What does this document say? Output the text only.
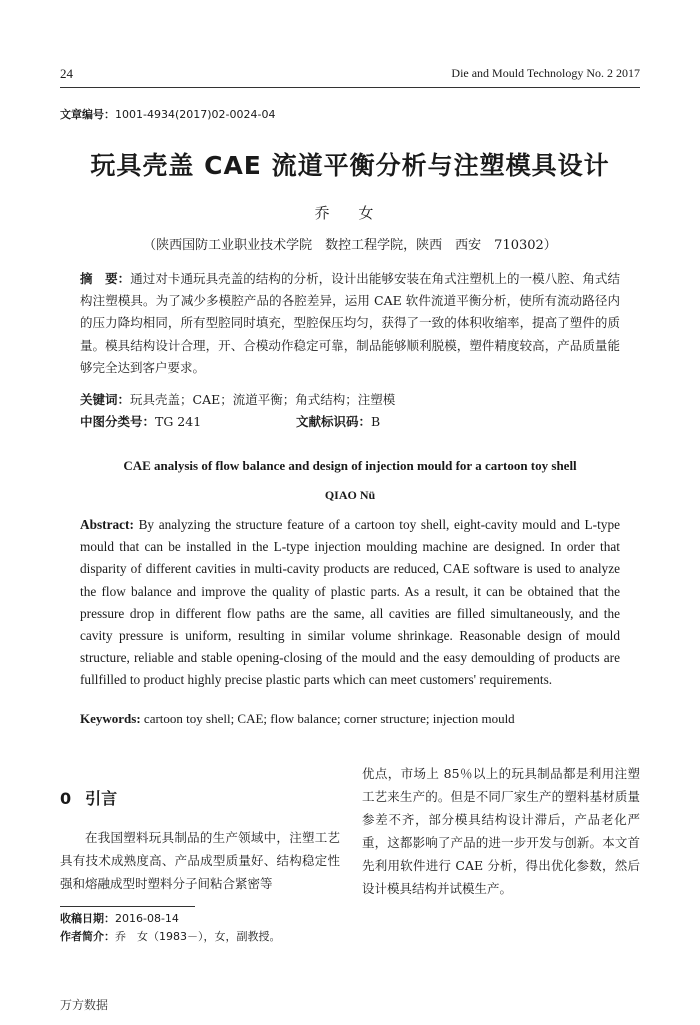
24	Die and Mould Technology No. 2 2017
文章编号：1001-4934(2017)02-0024-04
玩具壳盖 CAE 流道平衡分析与注塑模具设计
乔 女
（陕西国防工业职业技术学院　数控工程学院，陕西　西安　710302）
摘　要：通过对卡通玩具壳盖的结构的分析，设计出能够安装在角式注塑机上的一模八腔、角式结构注塑模具。为了减少多模腔产品的各腔差异，运用 CAE 软件流道平衡分析，使所有流动路径内的压力降均相同，所有型腔同时填充，型腔保压均匀，获得了一致的体积收缩率，提高了塑件的质量。模具结构设计合理，开、合模动作稳定可靠，制品能够顺利脱模，塑件精度较高，产品质量能够完全达到客户要求。
关键词：玩具壳盖；CAE；流道平衡；角式结构；注塑模
中图分类号：TG 241	文献标识码：B
CAE analysis of flow balance and design of injection mould for a cartoon toy shell
QIAO Nü
Abstract: By analyzing the structure feature of a cartoon toy shell, eight-cavity mould and L-type mould that can be installed in the L-type injection moulding machine are designed. In order that disparity of different cavities in multi-cavity products are reduced, CAE software is used to analyze the flow balance and improve the quality of plastic parts. As a result, it can be obtained that the pressure drop in different flow paths are the same, all cavities are filled simultaneously, and the cavity pressure is uniform, resulting in similar volume shrinkage. Reasonable design of mould structure, reliable and stable opening-closing of the mould and the easy demoulding of products are fullfilled to product highly precise plastic parts which can meet customers' requirements.
Keywords: cartoon toy shell; CAE; flow balance; corner structure; injection mould
0 引言
在我国塑料玩具制品的生产领域中，注塑工艺具有技术成熟度高、产品成型质量好、结构稳定性强和熔融成型时塑料分子间粘合紧密等
优点，市场上 85％以上的玩具制品都是利用注塑工艺来生产的。但是不同厂家生产的塑料基材质量参差不齐，部分模具结构设计滞后，产品老化严重，这都影响了产品的进一步开发与创新。本文首先利用软件进行 CAE 分析，得出优化参数，然后设计模具结构并试模生产。
收稿日期：2016-08-14
作者简介：乔　女（1983－），女，副教授。
万方数据
